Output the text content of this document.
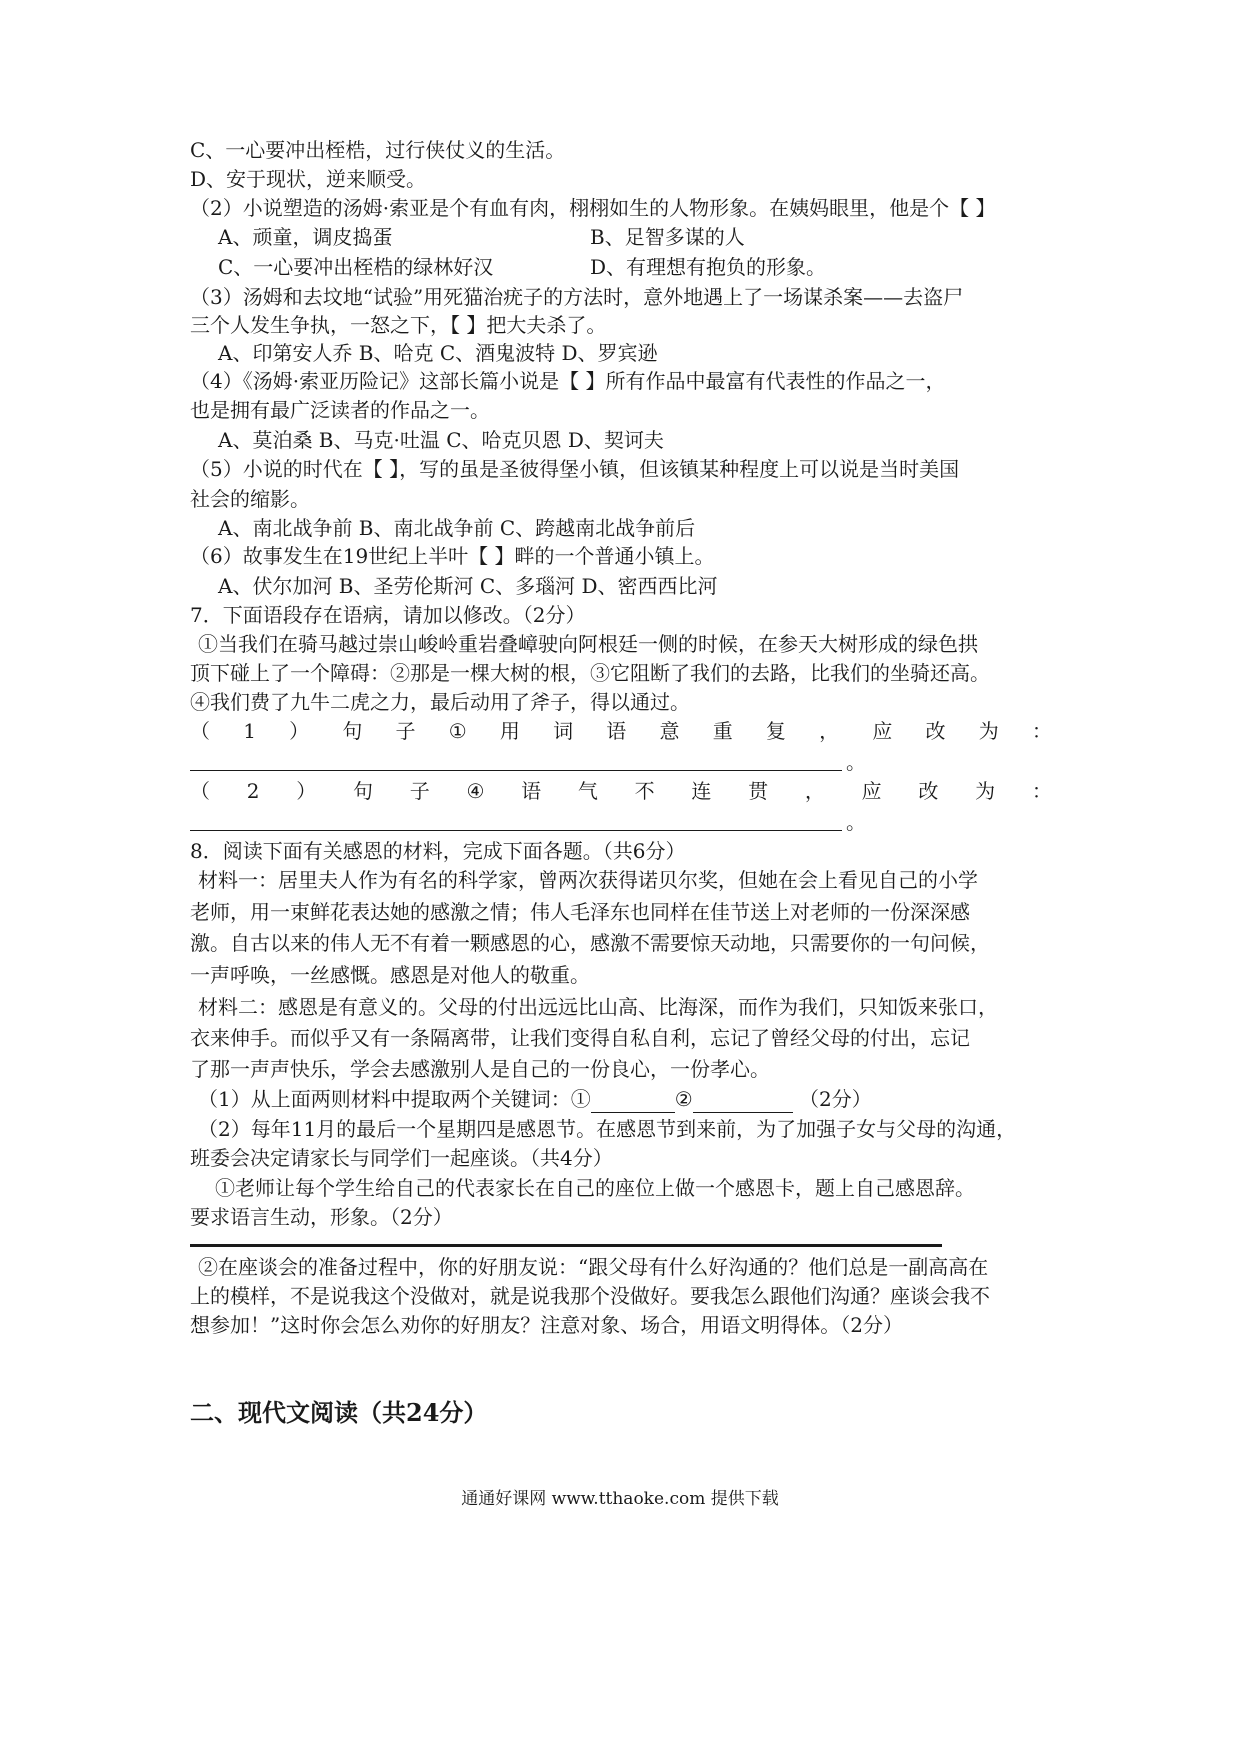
C、一心要冲出桎梏，过行侠仗义的生活。
D、安于现状，逆来顺受。
（2）小说塑造的汤姆·索亚是个有血有肉，栩栩如生的人物形象。在姨妈眼里，他是个【 】
A、顽童，调皮捣蛋	B、足智多谋的人
C、一心要冲出桎梏的绿林好汉	D、有理想有抱负的形象。
（3）汤姆和去坟地“试验”用死猫治疣子的方法时，意外地遇上了一场谋杀案——去盗尸
三个人发生争执，一怒之下，【 】把大夫杀了。
A、印第安人乔 B、哈克 C、酒鬼波特 D、罗宾逊
（4）《汤姆·索亚历险记》这部长篇小说是【 】所有作品中最富有代表性的作品之一，
也是拥有最广泛读者的作品之一。
A、莫泊桑 B、马克·吐温 C、哈克贝恩 D、契诃夫
（5）小说的时代在【 】，写的虽是圣彼得堡小镇，但该镇某种程度上可以说是当时美国
社会的缩影。
A、南北战争前 B、南北战争前 C、跨越南北战争前后
（6）故事发生在19世纪上半叶【 】畔的一个普通小镇上。
A、伏尔加河 B、圣劳伦斯河 C、多瑙河 D、密西西比河
7．下面语段存在语病，请加以修改。（2分）
①当我们在骑马越过崇山峻岭重岩叠嶂驶向阿根廷一侧的时候，在参天大树形成的绿色拱
顶下碰上了一个障碍：②那是一棵大树的根，③它阻断了我们的去路，比我们的坐骑还高。
④我们费了九牛二虎之力，最后动用了斧子，得以通过。
（ 1 ） 句 子 ① 用 词 语 意 重 复 ， 应 改 为 ：
。
（ 2 ） 句 子 ④ 语 气 不 连 贯 ， 应 改 为 ：
。
8．阅读下面有关感恩的材料，完成下面各题。（共6分）
材料一：居里夫人作为有名的科学家，曾两次获得诺贝尔奖，但她在会上看见自己的小学
老师，用一束鲜花表达她的感激之情；伟人毛泽东也同样在佳节送上对老师的一份深深感
激。自古以来的伟人无不有着一颗感恩的心，感激不需要惊天动地，只需要你的一句问候，
一声呼唤，一丝感慨。感恩是对他人的敬重。
材料二：感恩是有意义的。父母的付出远远比山高、比海深，而作为我们，只知饭来张口，
衣来伸手。而似乎又有一条隔离带，让我们变得自私自利，忘记了曾经父母的付出，忘记
了那一声声快乐，学会去感激别人是自己的一份良心，一份孝心。
（1）从上面两则材料中提取两个关键词：①	②	（2分）
（2）每年11月的最后一个星期四是感恩节。在感恩节到来前，为了加强子女与父母的沟通，
班委会决定请家长与同学们一起座谈。（共4分）
①老师让每个学生给自己的代表家长在自己的座位上做一个感恩卡，题上自己感恩辞。
要求语言生动，形象。（2分）
②在座谈会的准备过程中，你的好朋友说：“跟父母有什么好沟通的？他们总是一副高高在
上的模样，不是说我这个没做对，就是说我那个没做好。要我怎么跟他们沟通？座谈会我不
想参加！”这时你会怎么劝你的好朋友？注意对象、场合，用语文明得体。（2分）
二、现代文阅读（共24分）
通通好课网 www.tthaoke.com 提供下载
